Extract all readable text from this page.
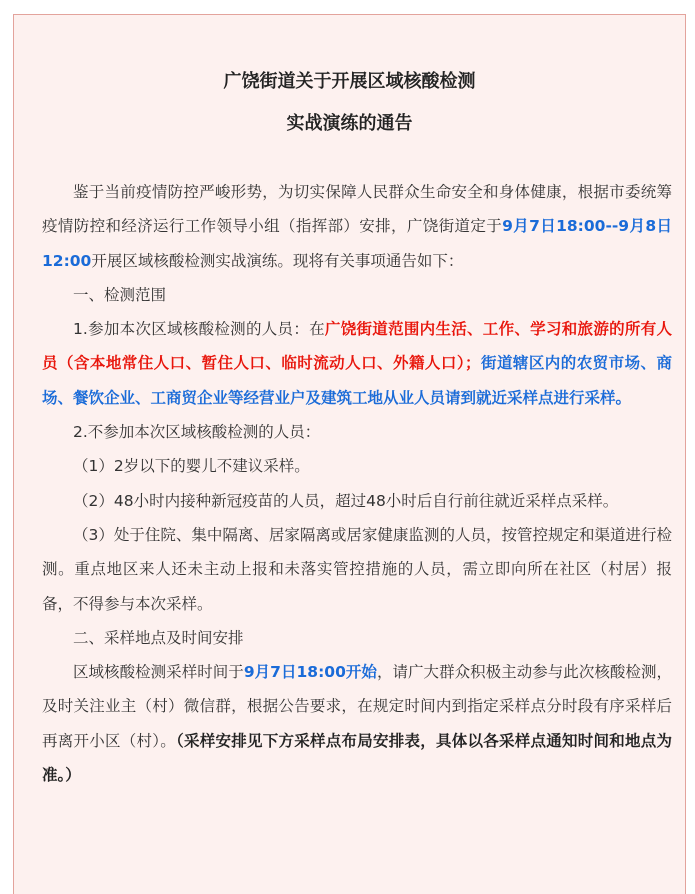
广饶街道关于开展区域核酸检测
实战演练的通告

鉴于当前疫情防控严峻形势，为切实保障人民群众生命安全和身体健康，根据市委统筹疫情防控和经济运行工作领导小组（指挥部）安排，广饶街道定于9月7日18:00--9月8日12:00开展区域核酸检测实战演练。现将有关事项通告如下：

一、检测范围

1.参加本次区域核酸检测的人员：在广饶街道范围内生活、工作、学习和旅游的所有人员（含本地常住人口、暂住人口、临时流动人口、外籍人口）；街道辖区内的农贸市场、商场、餐饮企业、工商贸企业等经营业户及建筑工地从业人员请到就近采样点进行采样。

2.不参加本次区域核酸检测的人员：

（1）2岁以下的婴儿不建议采样。

（2）48小时内接种新冠疫苗的人员，超过48小时后自行前往就近采样点采样。

（3）处于住院、集中隔离、居家隔离或居家健康监测的人员，按管控规定和渠道进行检测。重点地区来人还未主动上报和未落实管控措施的人员，需立即向所在社区（村居）报备，不得参与本次采样。

二、采样地点及时间安排

区域核酸检测采样时间于9月7日18:00开始，请广大群众积极主动参与此次核酸检测，及时关注业主（村）微信群，根据公告要求，在规定时间内到指定采样点分时段有序采样后再离开小区（村）。（采样安排见下方采样点布局安排表，具体以各采样点通知时间和地点为准。）
